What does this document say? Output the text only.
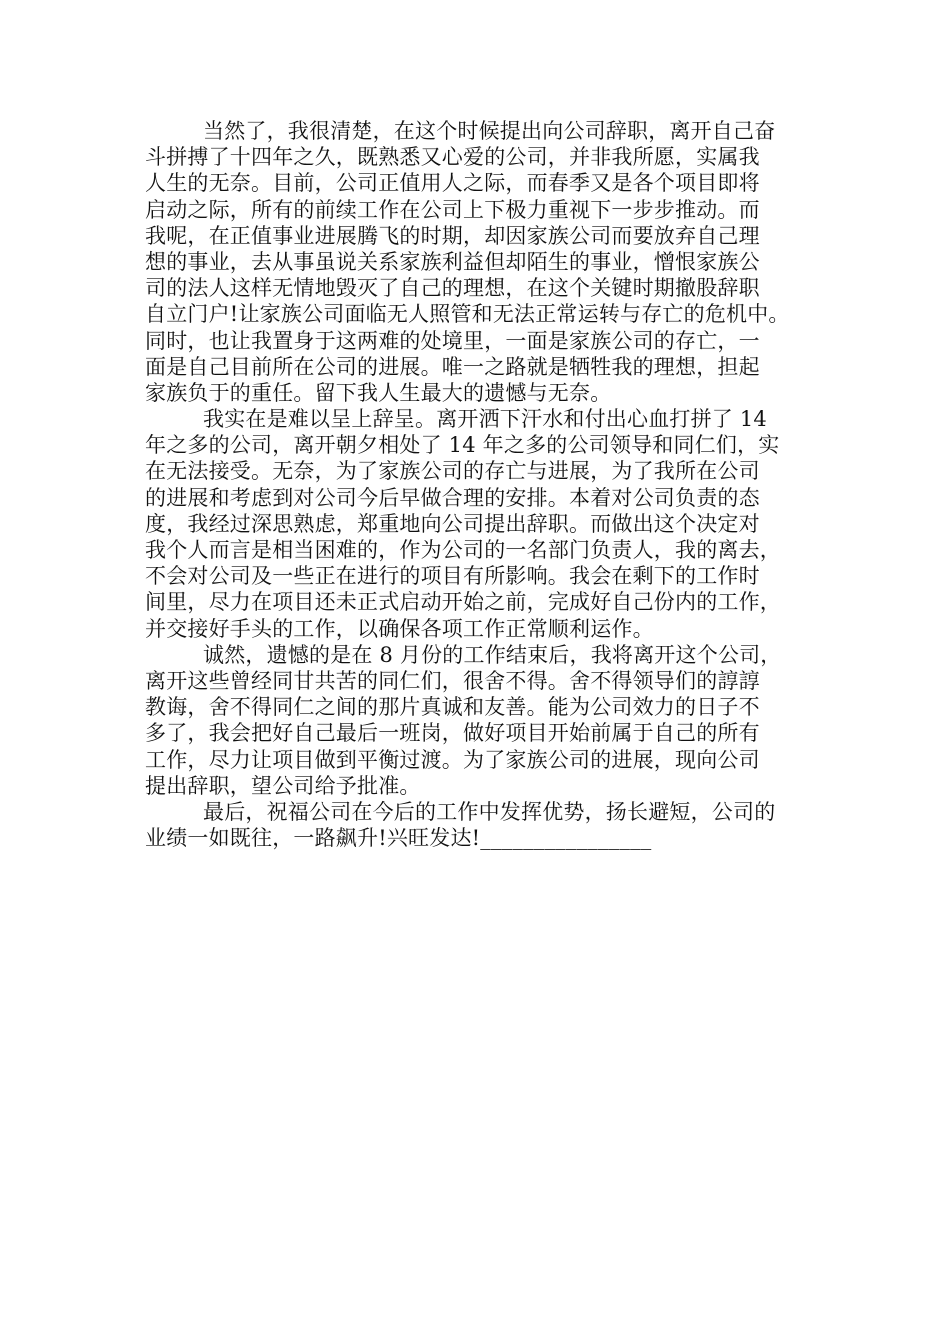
当然了，我很清楚，在这个时候提出向公司辞职，离开自己奋
斗拼搏了十四年之久，既熟悉又心爱的公司，并非我所愿，实属我
人生的无奈。目前，公司正值用人之际，而春季又是各个项目即将
启动之际，所有的前续工作在公司上下极力重视下一步步推动。而
我呢，在正值事业进展腾飞的时期，却因家族公司而要放弃自己理
想的事业，去从事虽说关系家族利益但却陌生的事业，憎恨家族公
司的法人这样无情地毁灭了自己的理想，在这个关键时期撤股辞职
自立门户!让家族公司面临无人照管和无法正常运转与存亡的危机中。
同时，也让我置身于这两难的处境里，一面是家族公司的存亡，一
面是自己目前所在公司的进展。唯一之路就是牺牲我的理想，担起
家族负于的重任。留下我人生最大的遗憾与无奈。
我实在是难以呈上辞呈。离开洒下汗水和付出心血打拼了 14
年之多的公司，离开朝夕相处了 14 年之多的公司领导和同仁们，实
在无法接受。无奈，为了家族公司的存亡与进展，为了我所在公司
的进展和考虑到对公司今后早做合理的安排。本着对公司负责的态
度，我经过深思熟虑，郑重地向公司提出辞职。而做出这个决定对
我个人而言是相当困难的，作为公司的一名部门负责人，我的离去，
不会对公司及一些正在进行的项目有所影响。我会在剩下的工作时
间里，尽力在项目还未正式启动开始之前，完成好自己份内的工作，
并交接好手头的工作，以确保各项工作正常顺利运作。
诚然，遗憾的是在 8 月份的工作结束后，我将离开这个公司，
离开这些曾经同甘共苦的同仁们，很舍不得。舍不得领导们的諄諄
教诲，舍不得同仁之间的那片真诚和友善。能为公司效力的日子不
多了，我会把好自己最后一班岗，做好项目开始前属于自己的所有
工作，尽力让项目做到平衡过渡。为了家族公司的进展，现向公司
提出辞职，望公司给予批准。
最后，祝福公司在今后的工作中发挥优势，扬长避短，公司的
业绩一如既往，一路飙升!兴旺发达!________________
